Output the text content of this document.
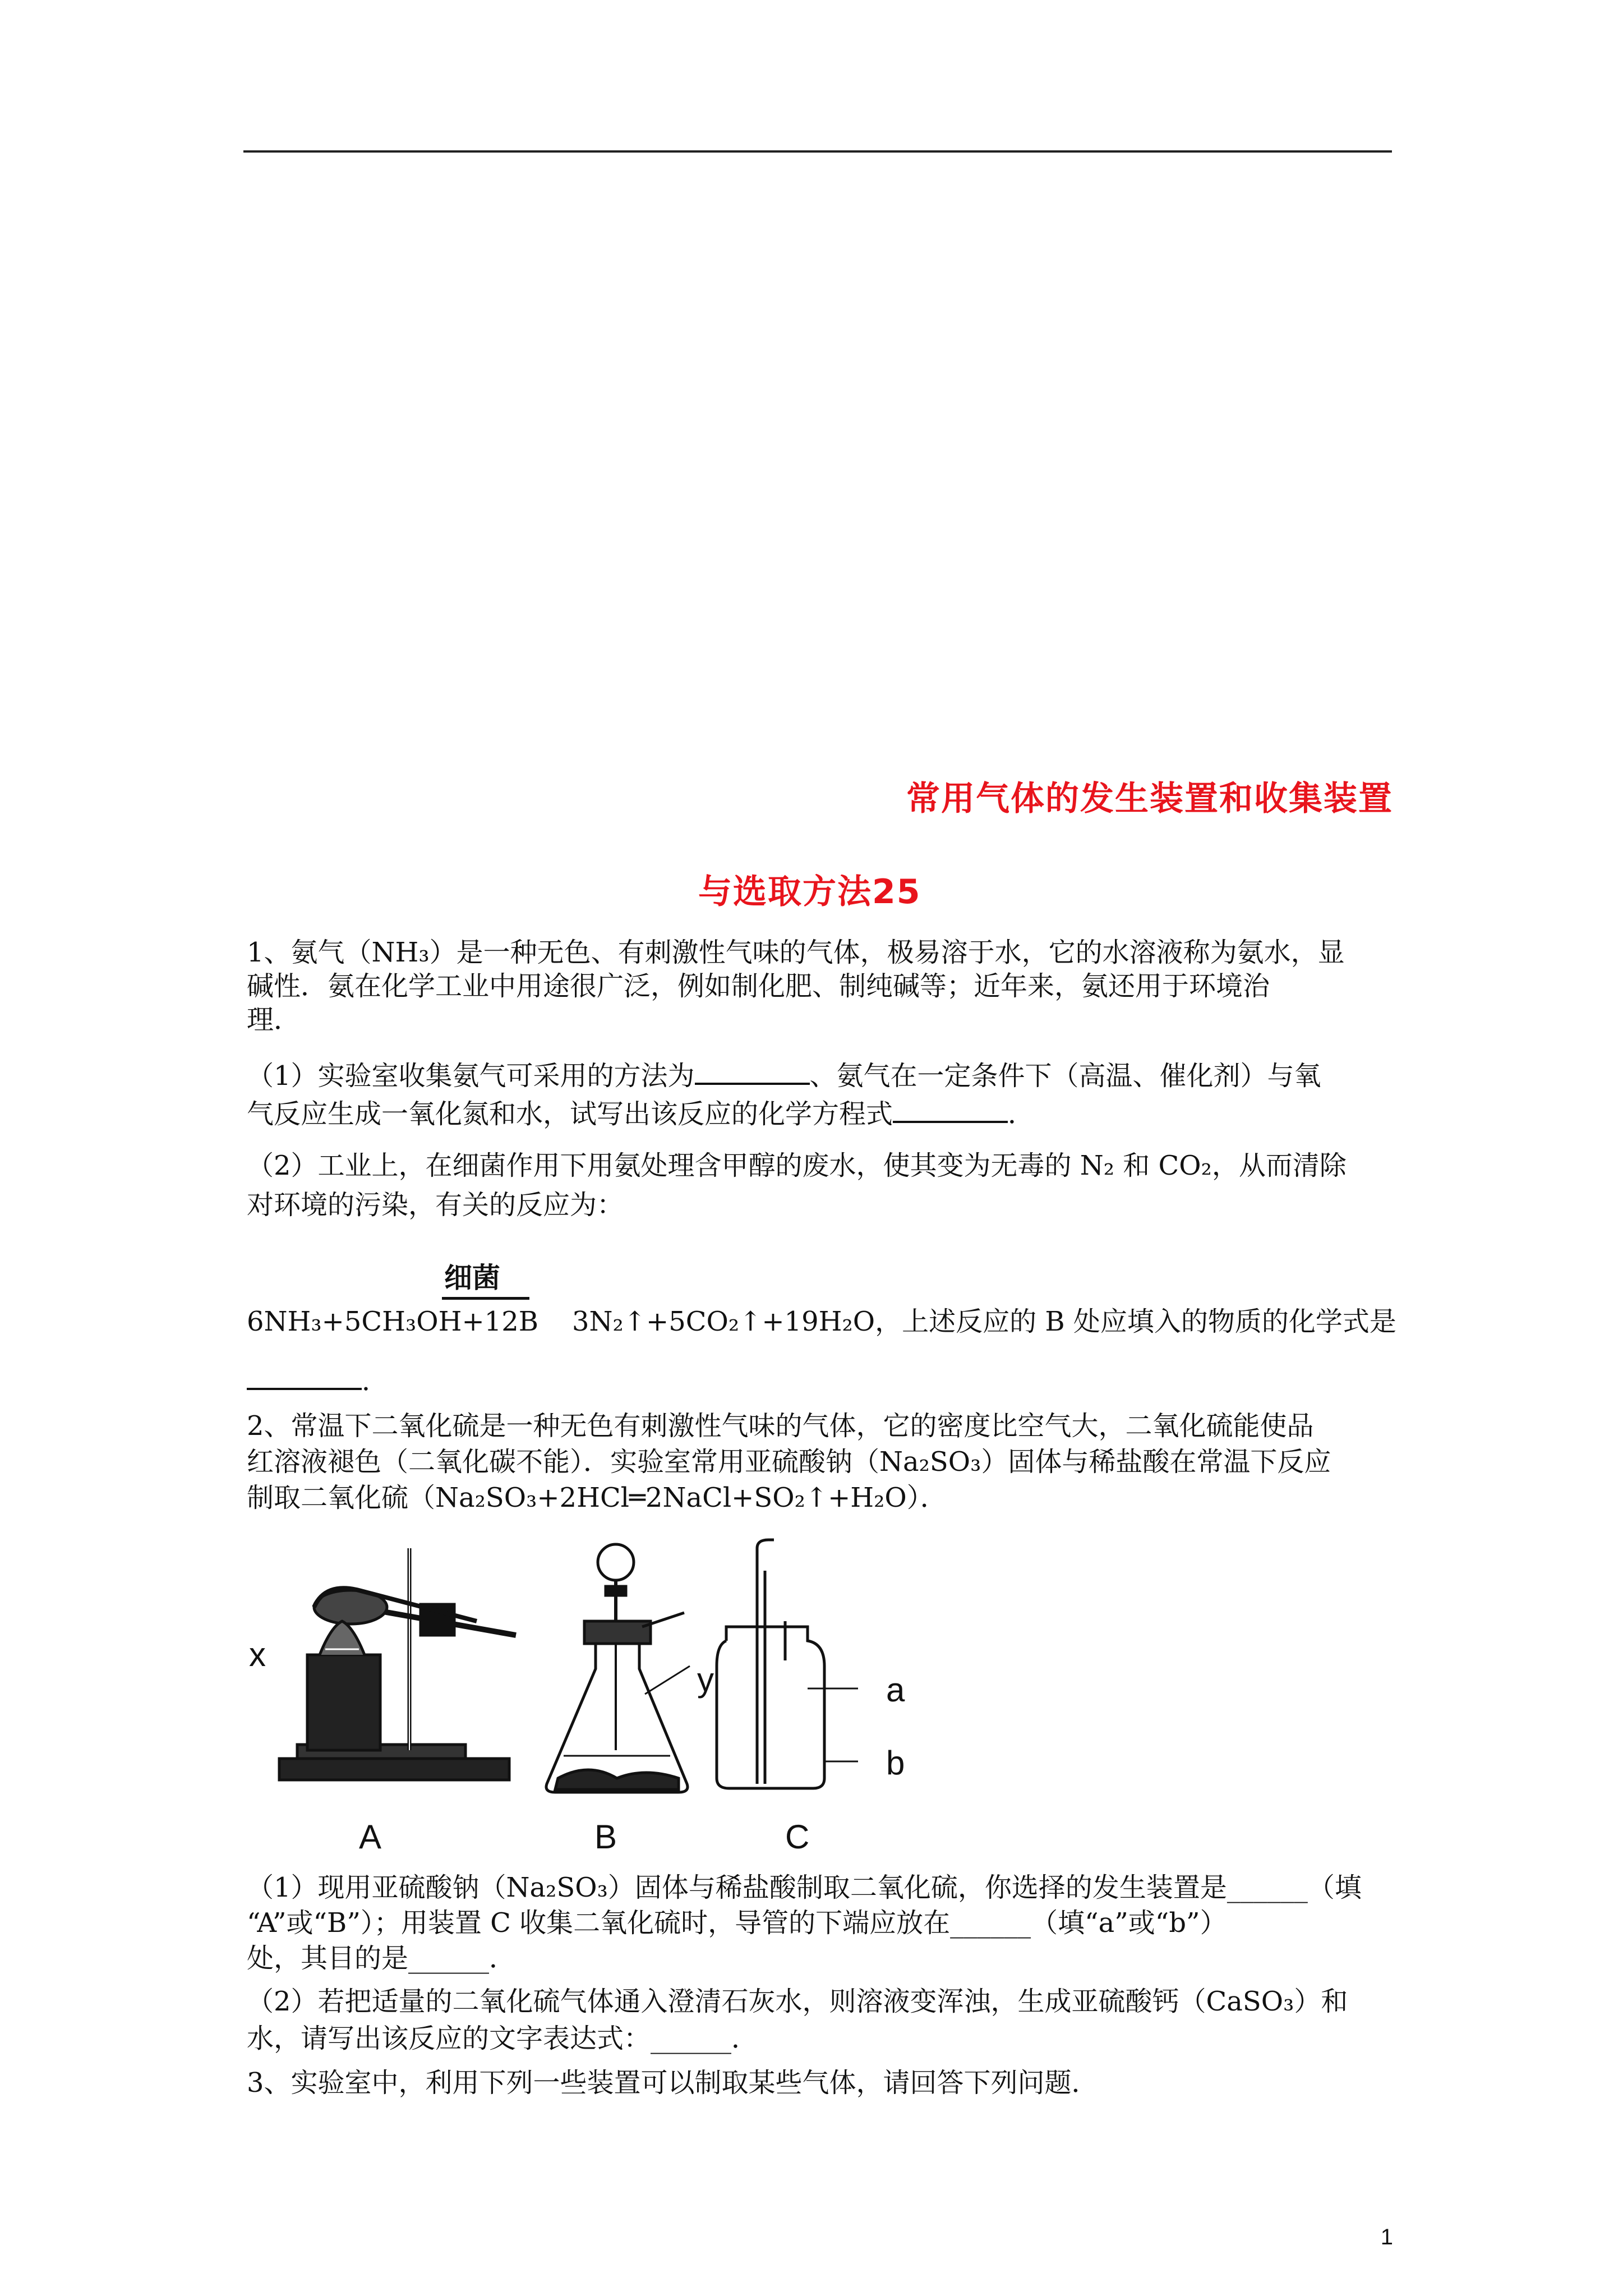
常用气体的发生装置和收集装置
与选取方法25
1、氨气（NH₃）是一种无色、有刺激性气味的气体，极易溶于水，它的水溶液称为氨水，显
碱性．氨在化学工业中用途很广泛，例如制化肥、制纯碱等；近年来，氨还用于环境治
理．
（1）实验室收集氨气可采用的方法为	、氨气在一定条件下（高温、催化剂）与氧
气反应生成一氧化氮和水，试写出该反应的化学方程式	．
（2）工业上，在细菌作用下用氨处理含甲醇的废水，使其变为无毒的 N₂ 和 CO₂，从而清除
对环境的污染，有关的反应为：
细菌
6NH₃+5CH₃OH+12B 3N₂↑+5CO₂↑+19H₂O，上述反应的 B 处应填入的物质的化学式是
．
2、常温下二氧化硫是一种无色有刺激性气味的气体，它的密度比空气大，二氧化硫能使品
红溶液褪色（二氧化碳不能）．实验室常用亚硫酸钠（Na₂SO₃）固体与稀盐酸在常温下反应
制取二氧化硫（Na₂SO₃+2HCl═2NaCl+SO₂↑+H₂O）．
x
y	a
b
A	B	C
（1）现用亚硫酸钠（Na₂SO₃）固体与稀盐酸制取二氧化硫，你选择的发生装置是______（填
“A”或“B”）；用装置 C 收集二氧化硫时，导管的下端应放在______（填“a”或“b”）
处，其目的是______．
（2）若把适量的二氧化硫气体通入澄清石灰水，则溶液变浑浊，生成亚硫酸钙（CaSO₃）和
水，请写出该反应的文字表达式：______．
3、实验室中，利用下列一些装置可以制取某些气体，请回答下列问题．
1
